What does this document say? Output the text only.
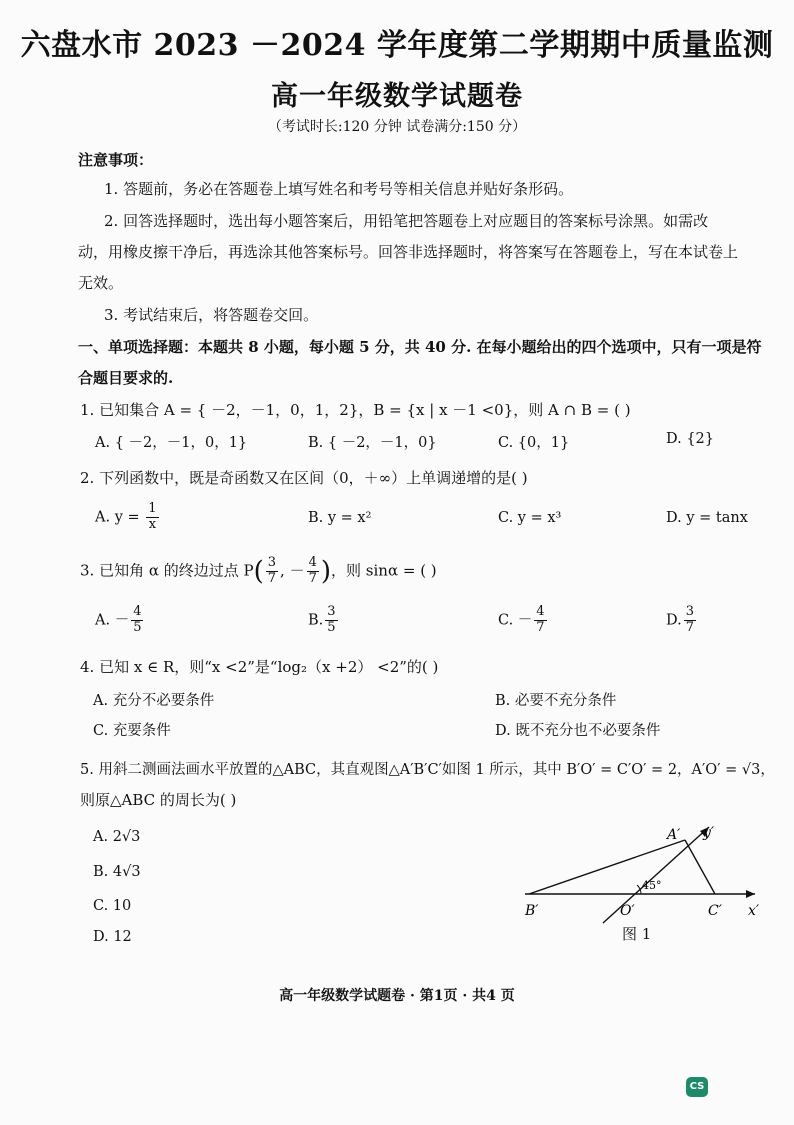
六盘水市 2023 －2024 学年度第二学期期中质量监测
高一年级数学试题卷
（考试时长:120 分钟 试卷满分:150 分）
注意事项：
1. 答题前，务必在答题卷上填写姓名和考号等相关信息并贴好条形码。
2. 回答选择题时，选出每小题答案后，用铅笔把答题卷上对应题目的答案标号涂黑。如需改
动，用橡皮擦干净后，再选涂其他答案标号。回答非选择题时，将答案写在答题卷上，写在本试卷上
无效。
3. 考试结束后，将答题卷交回。
一、单项选择题：本题共 8 小题，每小题 5 分，共 40 分. 在每小题给出的四个选项中，只有一项是符
合题目要求的.
1. 已知集合 A = { －2，－1，0，1，2}，B = {x | x －1 <0}，则 A ∩ B = ( )
A. { －2，－1，0，1}	B. { －2，－1，0}	C. {0，1}	D. {2}
2. 下列函数中，既是奇函数又在区间（0，＋∞）上单调递增的是( )
A. $y = \frac{1}{x}$	B. y = x²	C. y = x³	D. y = tanx
3. 已知角 α 的终边过点 $P( \frac{3}{7}$ , － $\frac{4}{7}$ )，则 sinα = ( )
A. － $\frac{4}{5}$	B. $\frac{3}{5}$	C. － $\frac{4}{7}$	D. $\frac{3}{7}$
4. 已知 x ∈ R，则“x <2”是“log₂（x +2） <2”的( )
A. 充分不必要条件	B. 必要不充分条件
C. 充要条件	D. 既不充分也不必要条件
5. 用斜二测画法画水平放置的△ABC，其直观图△A′B′C′如图 1 所示，其中 B′O′ = C′O′ = 2，A′O′ = √3，
则原△ABC 的周长为( )
A. 2√3
B. 4√3
C. 10
D. 12
45°
A′ y′
B′	O′	C′ x′
图 1
高一年级数学试题卷 · 第1页 · 共4 页
CS
